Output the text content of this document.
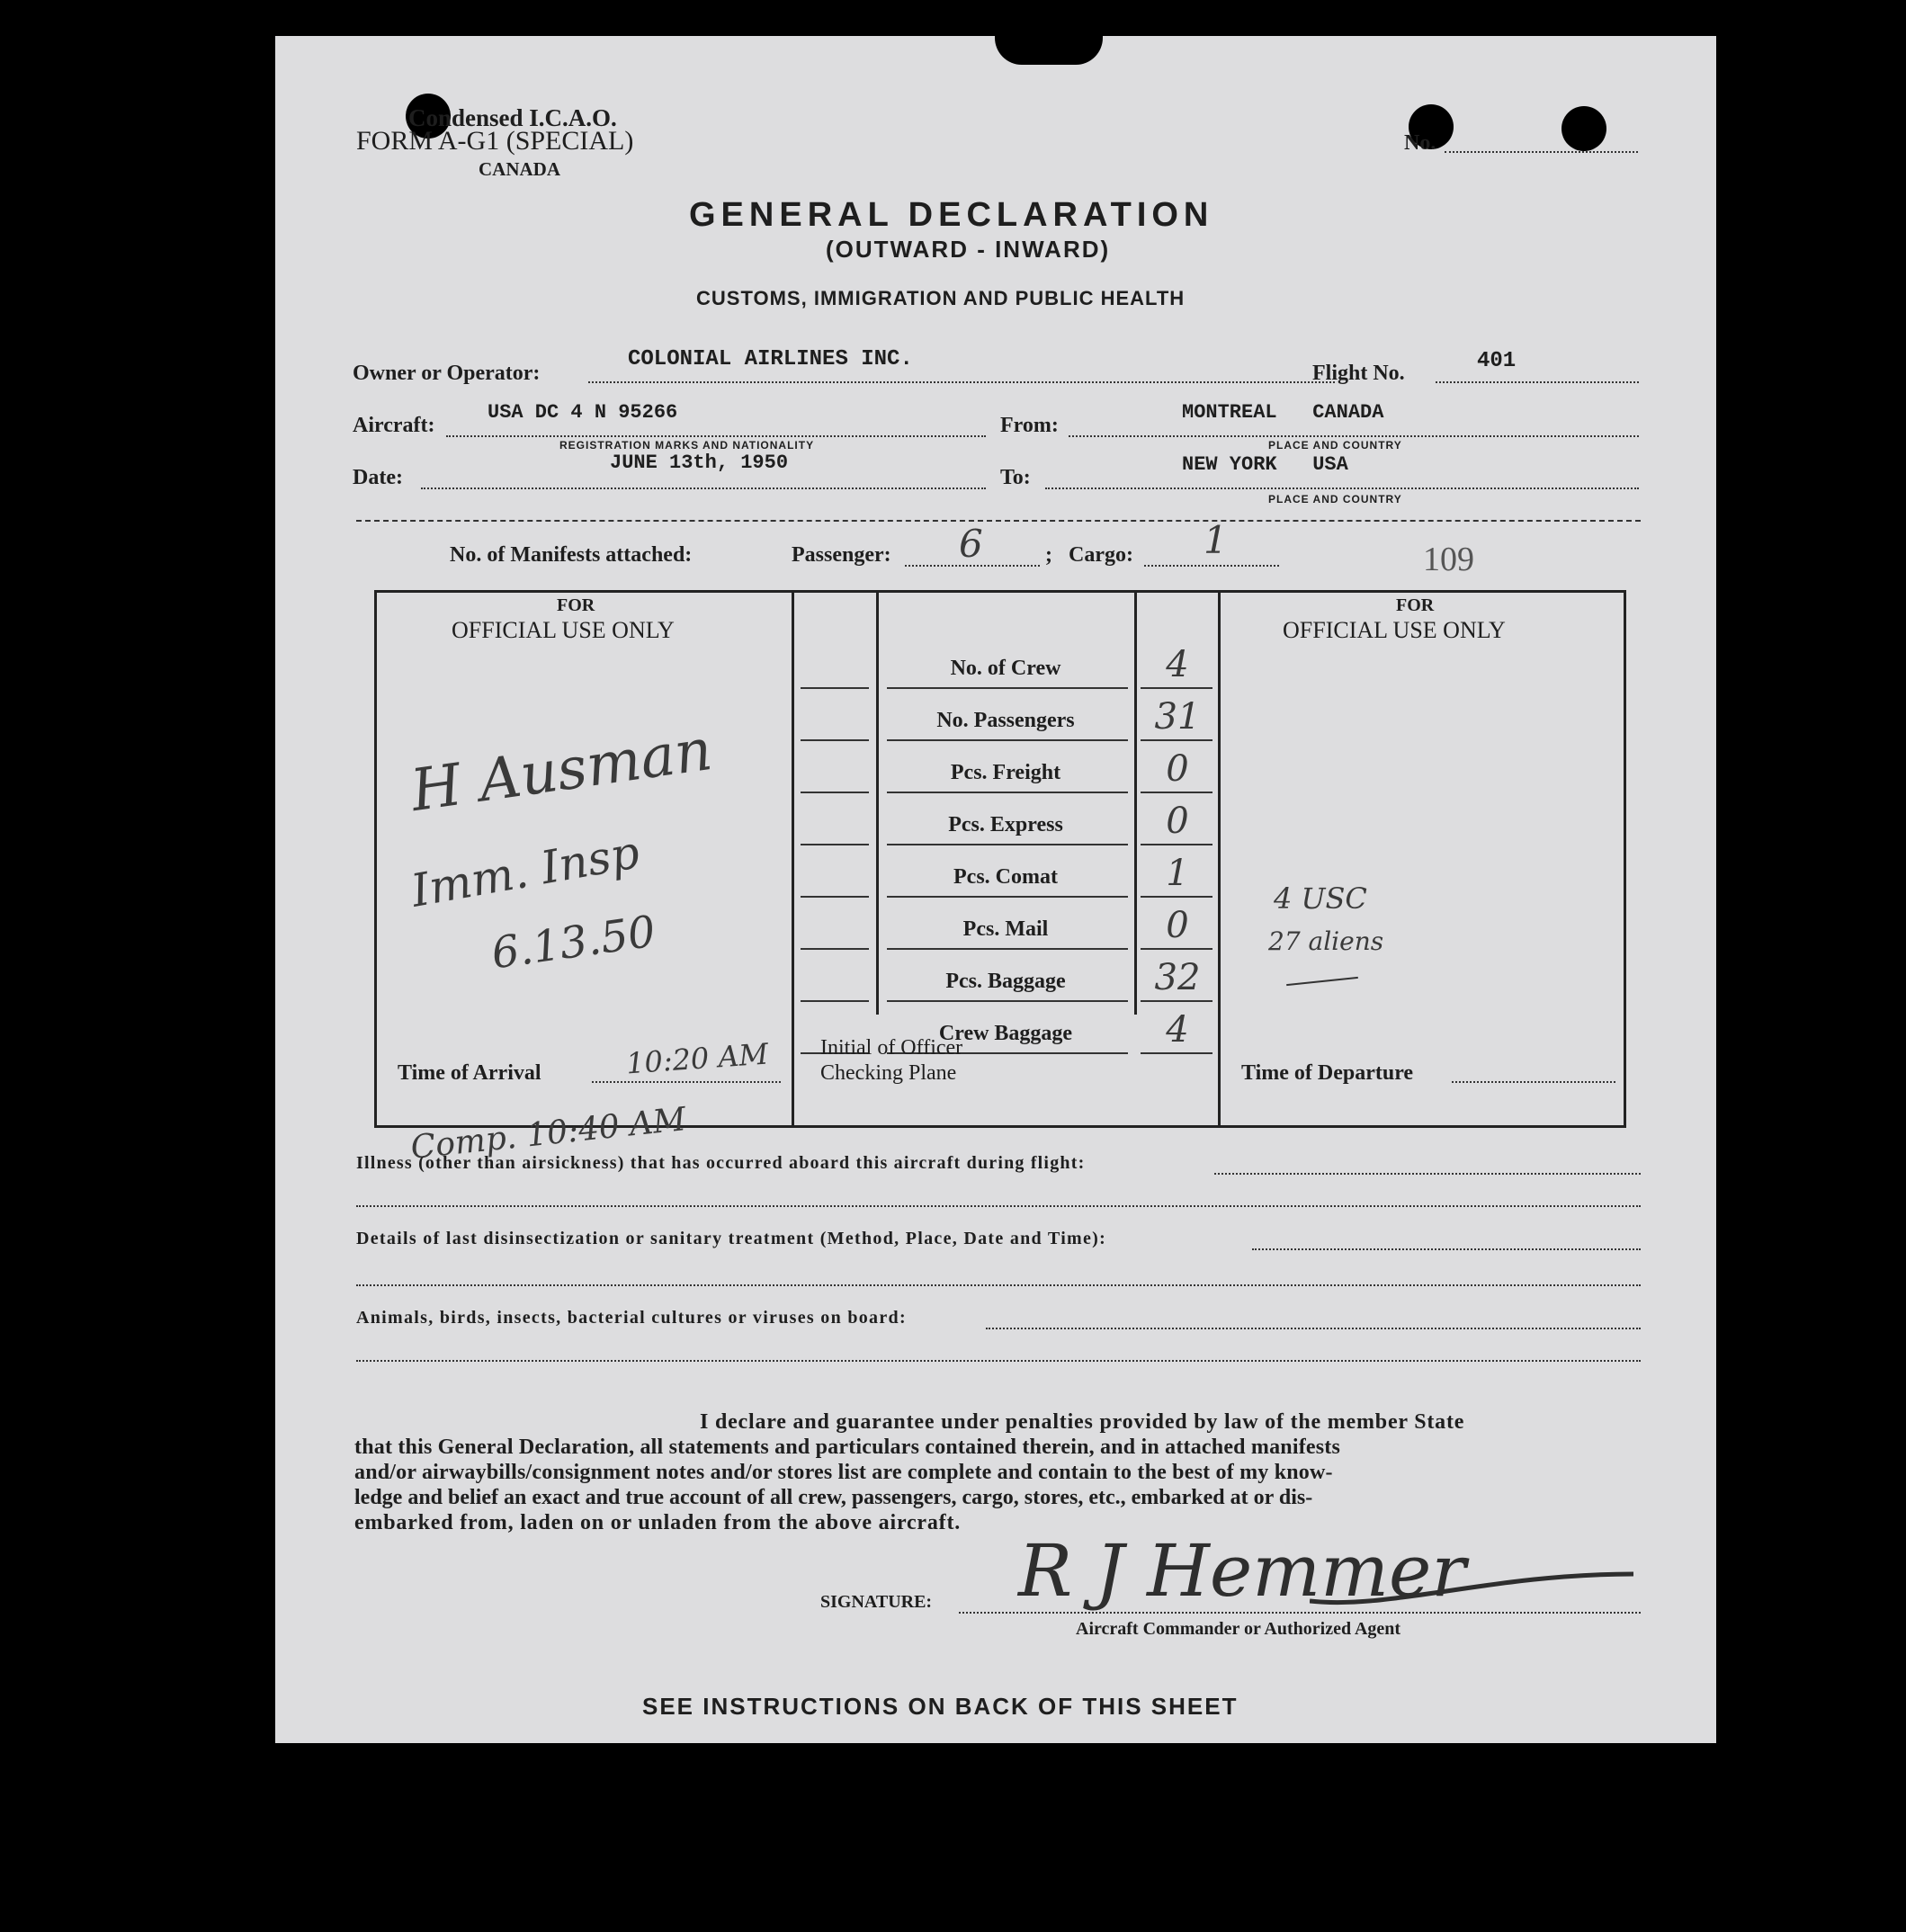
Condensed I.C.A.O.
FORM A-G1 (SPECIAL)
CANADA
No.
GENERAL DECLARATION
(OUTWARD - INWARD)
CUSTOMS, IMMIGRATION AND PUBLIC HEALTH
Owner or Operator:
COLONIAL AIRLINES INC.
Flight No.	401
Aircraft:
USA DC 4 N 95266
REGISTRATION MARKS AND NATIONALITY
From:
MONTREAL   CANADA
PLACE AND COUNTRY
Date:
JUNE 13th, 1950
To:
NEW YORK   USA
PLACE AND COUNTRY
No. of Manifests attached:	Passenger: 6	; Cargo: 1	109
FOR
OFFICIAL USE ONLY
FOR
OFFICIAL USE ONLY
No. of Crew	4
No. Passengers	31
Pcs. Freight	0
Pcs. Express	0
Pcs. Comat	1
Pcs. Mail	0
Pcs. Baggage	32
Crew Baggage	4
H Ausman
Imm. Insp
6.13.50
4 USC
27 aliens
Initial of Officer
Checking Plane
Time of Arrival	10:20 AM	Time of Departure
Comp. 10:40 AM
Illness (other than airsickness) that has occurred aboard this aircraft during flight:
Details of last disinsectization or sanitary treatment (Method, Place, Date and Time):
Animals, birds, insects, bacterial cultures or viruses on board:
I declare and guarantee under penalties provided by law of the member State
that this General Declaration, all statements and particulars contained therein, and in attached manifests
and/or airwaybills/consignment notes and/or stores list are complete and contain to the best of my know-
ledge and belief an exact and true account of all crew, passengers, cargo, stores, etc., embarked at or dis-
embarked from, laden on or unladen from the above aircraft.
SIGNATURE: R J Hemmer
Aircraft Commander or Authorized Agent
SEE INSTRUCTIONS ON BACK OF THIS SHEET
